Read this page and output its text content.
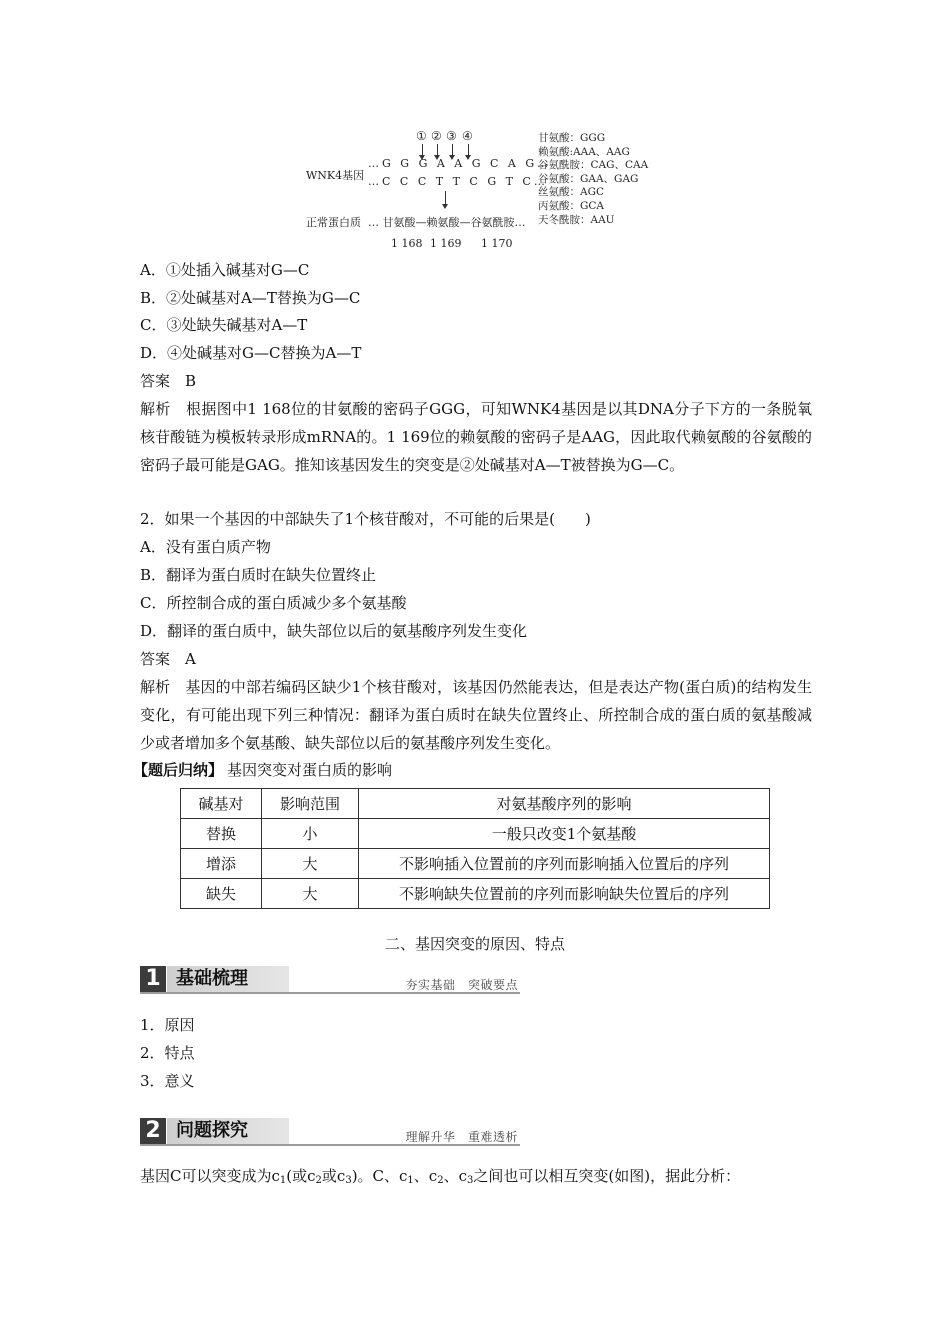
① ② ③ ④
WNK4基因
…G G G A A G C A G…
…C C C T T C G T C…
正常蛋白质 … 甘氨酸—赖氨酸—谷氨酰胺…
1 168 1 169 1 170
甘氨酸：GGG
赖氨酸:AAA、AAG
谷氨酰胺：CAG、CAA
谷氨酸：GAA、GAG
丝氨酸：AGC
丙氨酸：GCA
天冬酰胺：AAU
A．①处插入碱基对G—C
B．②处碱基对A—T替换为G—C
C．③处缺失碱基对A—T
D．④处碱基对G—C替换为A—T
答案　B
解析　根据图中1 168位的甘氨酸的密码子GGG，可知WNK4基因是以其DNA分子下方的一条脱氧核苷酸链为模板转录形成mRNA的。1 169位的赖氨酸的密码子是AAG，因此取代赖氨酸的谷氨酸的密码子最可能是GAG。推知该基因发生的突变是②处碱基对A—T被替换为G—C。
2．如果一个基因的中部缺失了1个核苷酸对，不可能的后果是(　　)
A．没有蛋白质产物
B．翻译为蛋白质时在缺失位置终止
C．所控制合成的蛋白质减少多个氨基酸
D．翻译的蛋白质中，缺失部位以后的氨基酸序列发生变化
答案　A
解析　基因的中部若编码区缺少1个核苷酸对，该基因仍然能表达，但是表达产物(蛋白质)的结构发生变化，有可能出现下列三种情况：翻译为蛋白质时在缺失位置终止、所控制合成的蛋白质的氨基酸减少或者增加多个氨基酸、缺失部位以后的氨基酸序列发生变化。
【题后归纳】 基因突变对蛋白质的影响
碱基对	影响范围	对氨基酸序列的影响
替换	小	一般只改变1个氨基酸
增添	大	不影响插入位置前的序列而影响插入位置后的序列
缺失	大	不影响缺失位置前的序列而影响缺失位置后的序列
二、基因突变的原因、特点
1 基础梳理	夯实基础　突破要点
1．原因
2．特点
3．意义
2 问题探究	理解升华　重难透析
基因C可以突变成为$c_1$(或$c_2$或$c_3$)。C、$c_1$、$c_2$、$c_3$之间也可以相互突变(如图)，据此分析：
